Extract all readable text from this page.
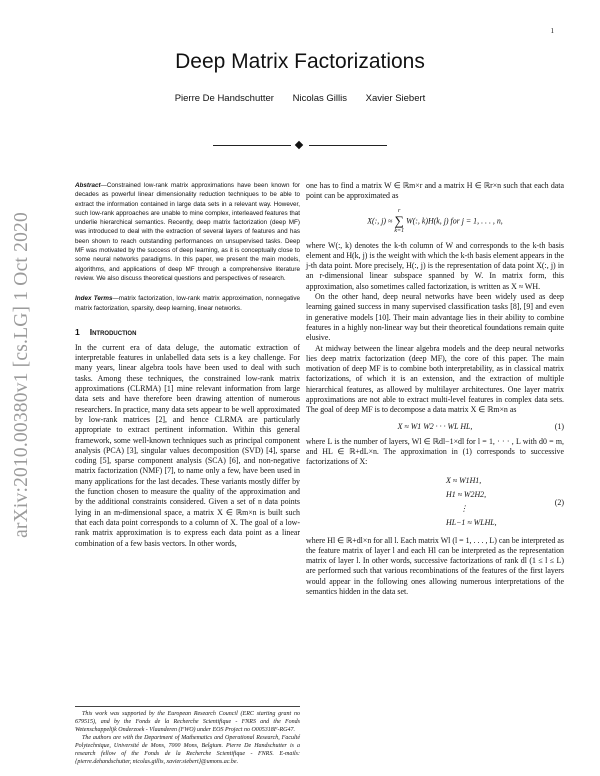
1
arXiv:2010.00380v1 [cs.LG] 1 Oct 2020
Deep Matrix Factorizations
Pierre De Handschutter Nicolas Gillis Xavier Siebert

Abstract—Constrained low-rank matrix approximations have been known for decades as powerful linear dimensionality reduction techniques to be able to extract the information contained in large data sets in a relevant way. However, such low-rank approaches are unable to mine complex, interleaved features that underlie hierarchical semantics. Recently, deep matrix factorization (deep MF) was introduced to deal with the extraction of several layers of features and has been shown to reach outstanding performances on unsupervised tasks. Deep MF was motivated by the success of deep learning, as it is conceptually close to some neural networks paradigms. In this paper, we present the main models, algorithms, and applications of deep MF through a comprehensive literature review. We also discuss theoretical questions and perspectives of research.

Index Terms—matrix factorization, low-rank matrix approximation, nonnegative matrix factorization, sparsity, deep learning, linear networks.

1 Introduction

In the current era of data deluge, the automatic extraction of interpretable features in unlabelled data sets is a key challenge. For many years, linear algebra tools have been used to deal with such tasks. Among these techniques, the constrained low-rank matrix approximations (CLRMA) [1] mine relevant information from large data sets and have therefore been drawing attention of numerous researchers. In practice, many data sets appear to be well approximated by low-rank matrices [2], and hence CLRMA are particularly appropriate to extract pertinent information. Within this general framework, some well-known techniques such as principal component analysis (PCA) [3], singular values decomposition (SVD) [4], sparse coding [5], sparse component analysis (SCA) [6], and non-negative matrix factorization (NMF) [7], to name only a few, have been used in many applications for the last decades. These variants mostly differ by the function chosen to measure the quality of the approximation and by the additional constraints considered. Given a set of n data points lying in an m-dimensional space, a matrix X ∈ ℝm×n is built such that each data point corresponds to a column of X. The goal of a low-rank matrix approximation is to express each data point as a linear combination of a few basis vectors. In other words,

This work was supported by the European Research Council (ERC starting grant no 679515), and by the Fonds de la Recherche Scientifique - FNRS and the Fonds Wetenschappelijk Onderzoek - Vlaanderen (FWO) under EOS Project no O005318F-RG47.
The authors are with the Department of Mathematics and Operational Research, Faculté Polytechnique, Université de Mons, 7000 Mons, Belgium. Pierre De Handschutter is a research fellow of the Fonds de la Recherche Scientifique - FNRS. E-mails: {pierre.dehandschutter, nicolas.gillis, xavier.siebert}@umons.ac.be.

one has to find a matrix W ∈ ℝm×r and a matrix H ∈ ℝr×n such that each data point can be approximated as

X(:, j) ≈ r
∑
k=1 W(:, k)H(k, j) for j = 1, . . . , n,

where W(:, k) denotes the k-th column of W and corresponds to the k-th basis element and H(k, j) is the weight with which the k-th basis element appears in the j-th data point. More precisely, H(:, j) is the representation of data point X(:, j) in an r-dimensional linear subspace spanned by W. In matrix form, this approximation, also sometimes called factorization, is written as X ≈ WH.

On the other hand, deep neural networks have been widely used as deep learning gained success in many supervised classification tasks [8], [9] and even in generative models [10]. Their main advantage lies in their ability to combine features in a highly non-linear way but their theoretical foundations remain quite elusive.

At midway between the linear algebra models and the deep neural networks lies deep matrix factorization (deep MF), the core of this paper. The main motivation of deep MF is to combine both interpretability, as in classical matrix factorizations, of which it is an extension, and the extraction of multiple hierarchical features, as allowed by multilayer architectures. One layer matrix approximations are not able to extract multi-level features in complex data sets. The goal of deep MF is to decompose a data matrix X ∈ ℝm×n as

X ≈ W1 W2 · · · WL HL,	(1)

where L is the number of layers, Wl ∈ ℝdl−1×dl for l = 1, · · · , L with d0 = m, and HL ∈ ℝ+dL×n. The approximation in (1) corresponds to successive factorizations of X:

X ≈ W1H1,
H1 ≈ W2H2,
⋮
HL−1 ≈ WLHL,
(2)

where Hl ∈ ℝ+dl×n for all l. Each matrix Wl (l = 1, . . . , L) can be interpreted as the feature matrix of layer l and each Hl can be interpreted as the representation matrix of layer l. In other words, successive factorizations of rank dl (1 ≤ l ≤ L) are performed such that various recombinations of the features of the first layers would appear in the following ones allowing numerous interpretations of the semantics hidden in the data set.
